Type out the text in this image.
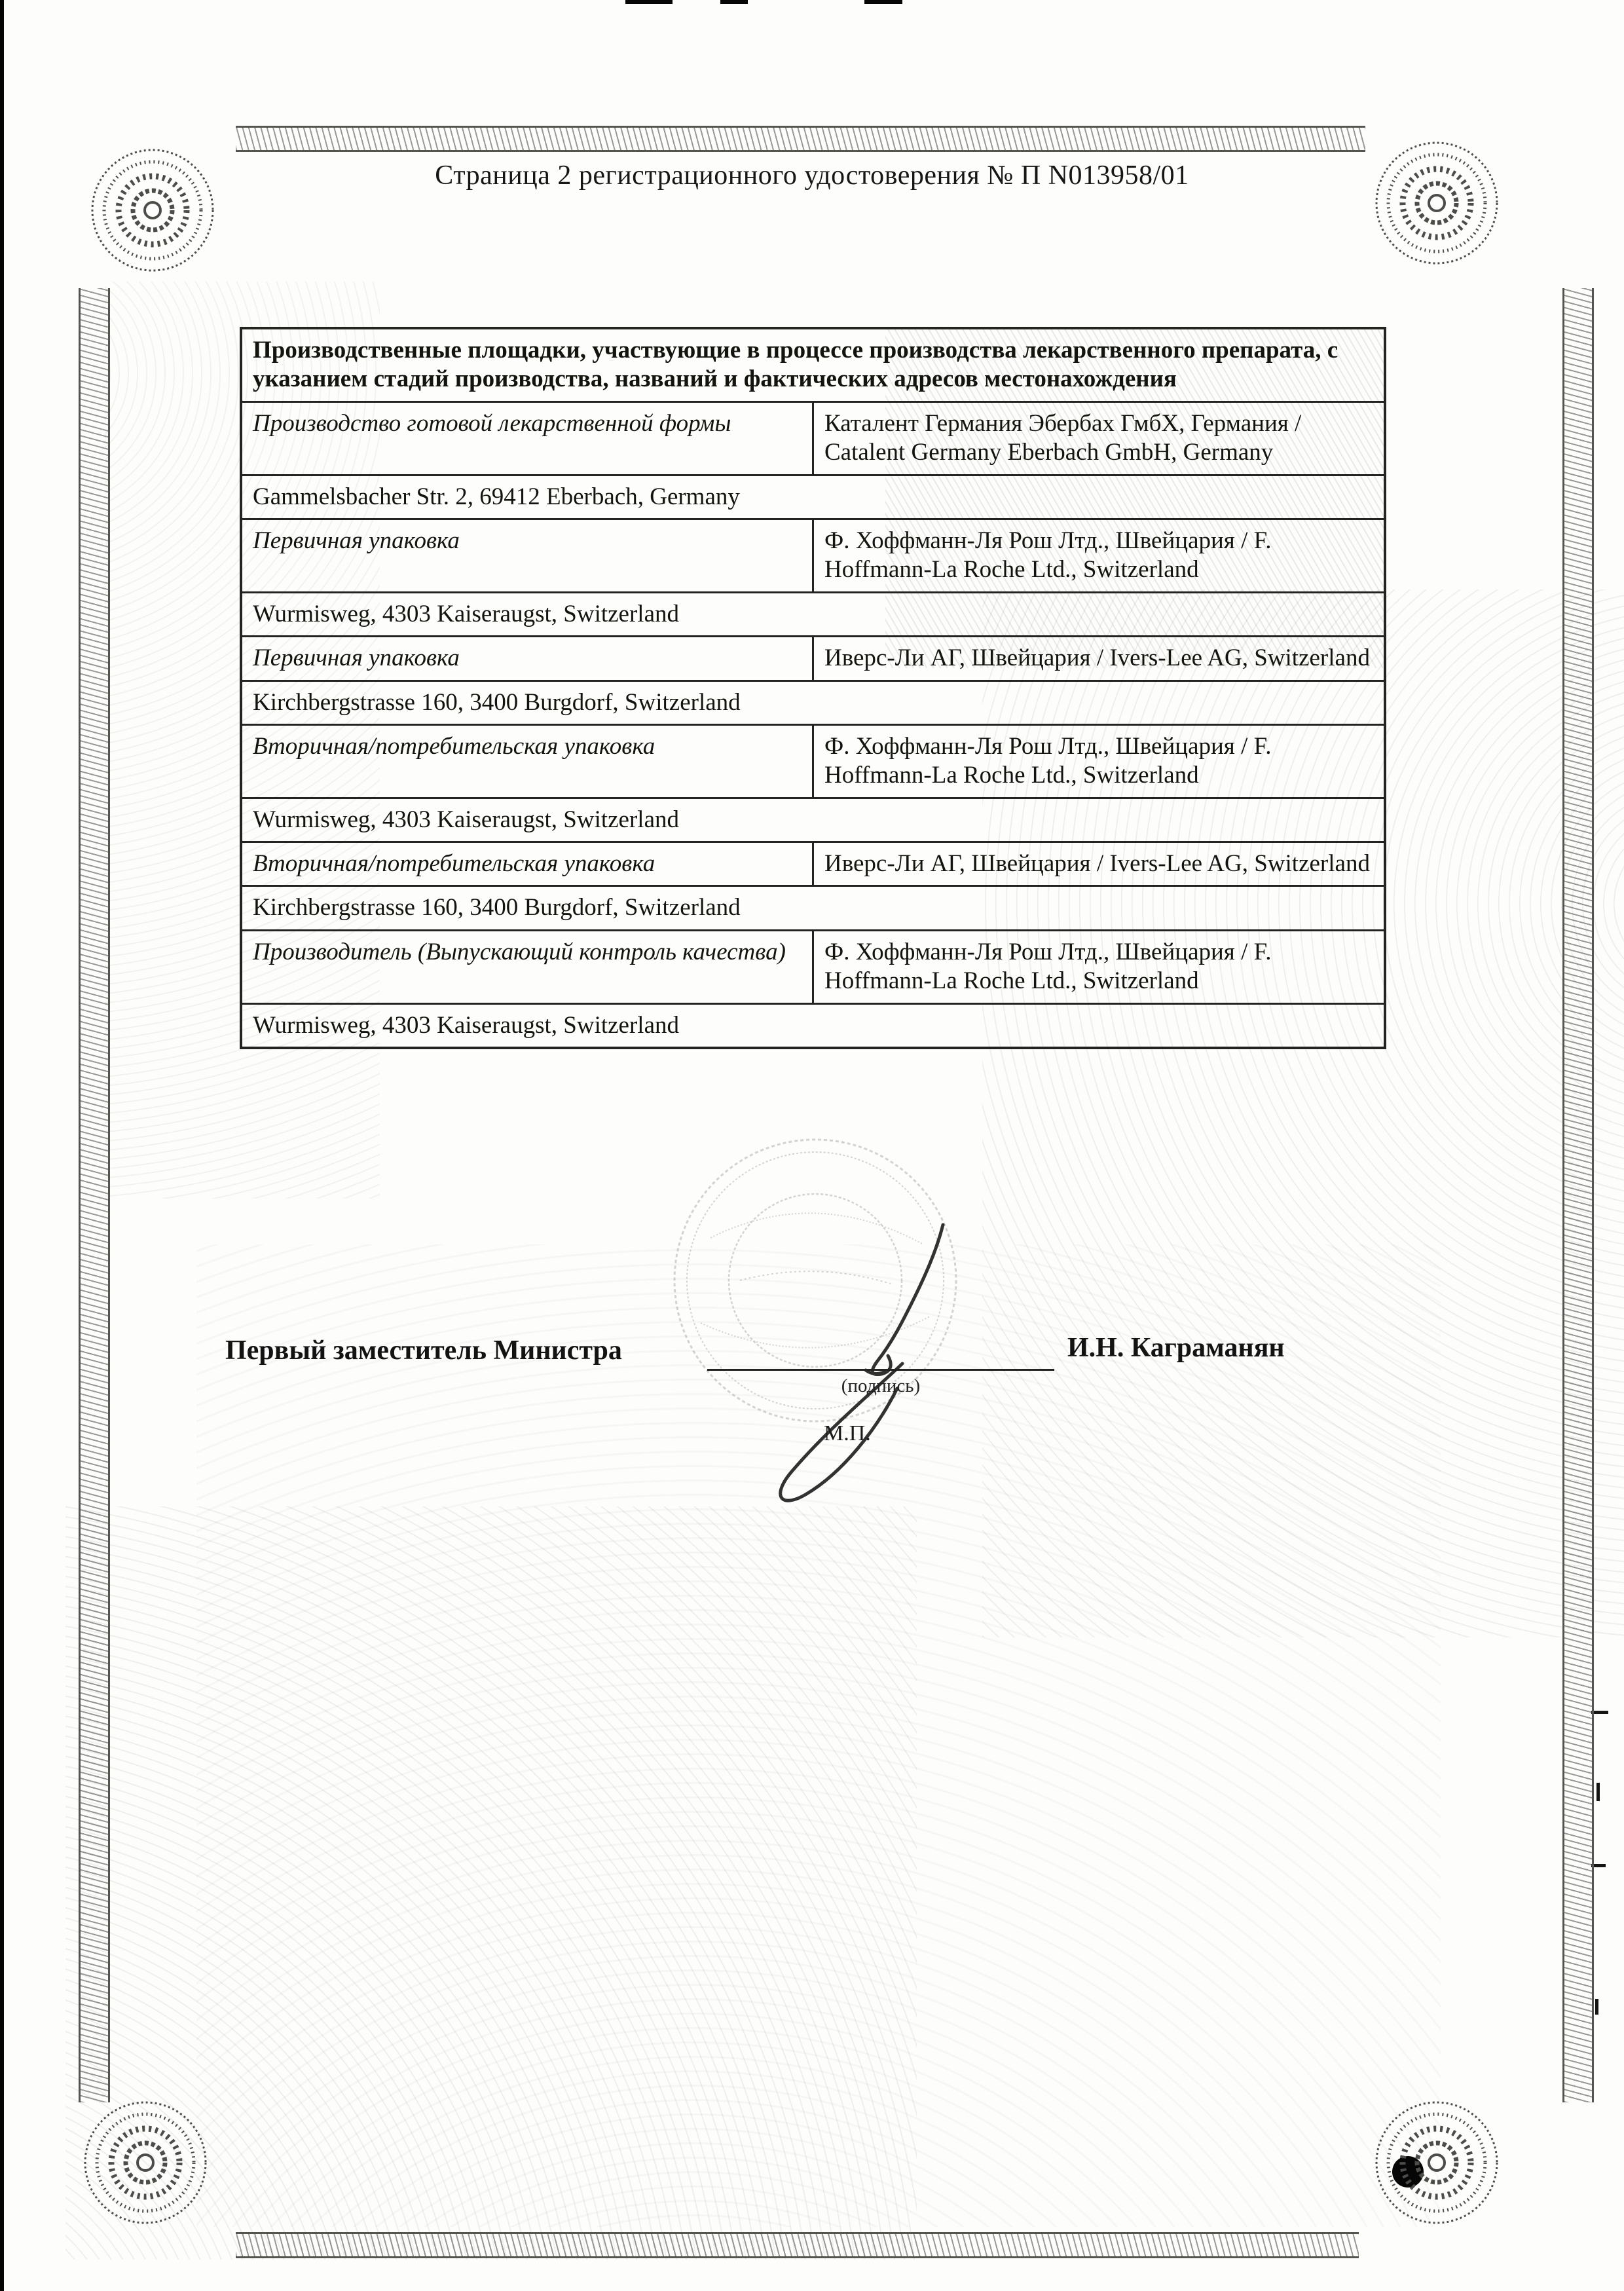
Страница 2 регистрационного удостоверения № П N013958/01
Производственные площадки, участвующие в процессе производства лекарственного препарата, с указанием стадий производства, названий и фактических адресов местонахождения	
Производство готовой лекарственной формы	Каталент Германия Эбербах ГмбХ, Германия / Catalent Germany Eberbach GmbH, Germany
Gammelsbacher Str. 2, 69412 Eberbach, Germany	
Первичная упаковка	Ф. Хоффманн-Ля Рош Лтд., Швейцария / F. Hoffmann-La Roche Ltd., Switzerland
Wurmisweg, 4303 Kaiseraugst, Switzerland	
Первичная упаковка	Иверс-Ли АГ, Швейцария / Ivers-Lee AG, Switzerland
Kirchbergstrasse 160, 3400 Burgdorf, Switzerland	
Вторичная/потребительская упаковка	Ф. Хоффманн-Ля Рош Лтд., Швейцария / F. Hoffmann-La Roche Ltd., Switzerland
Wurmisweg, 4303 Kaiseraugst, Switzerland	
Вторичная/потребительская упаковка	Иверс-Ли АГ, Швейцария / Ivers-Lee AG, Switzerland
Kirchbergstrasse 160, 3400 Burgdorf, Switzerland	
Производитель (Выпускающий контроль качества)	Ф. Хоффманн-Ля Рош Лтд., Швейцария / F. Hoffmann-La Roche Ltd., Switzerland
Wurmisweg, 4303 Kaiseraugst, Switzerland	
Первый заместитель Министра
(подпись)
М.П.
И.Н. Каграманян
